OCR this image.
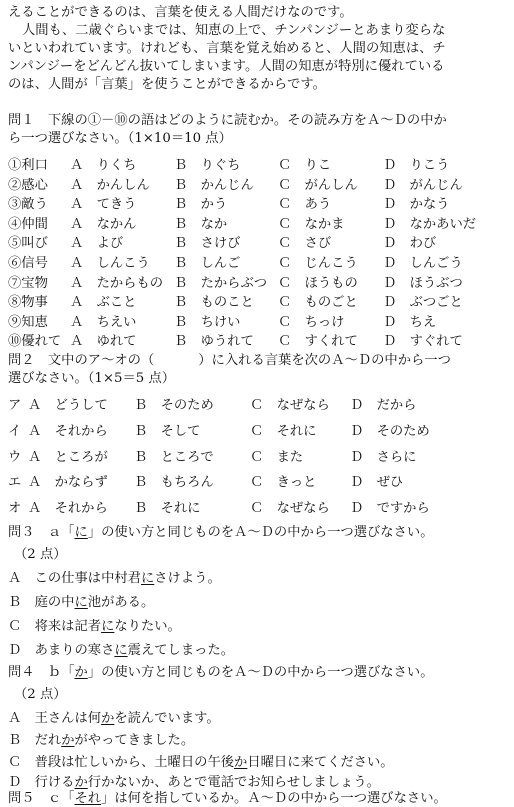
えることができるのは、言葉を使える人間だけなのです。
人間も、二歳ぐらいまでは、知恵の上で、チンパンジーとあまり変らな
いといわれています。けれども、言葉を覚え始めると、人間の知恵は、チ
ンパンジーをどんどん抜いてしまいます。人間の知恵が特別に優れている
のは、人間が「言葉」を使うことができるからです。
問１　下線の①－⑩の語はどのように読むか。その読み方をＡ～Ｄの中か
ら一つ選びなさい。（1×10＝10 点）
①利口 Ａ　りくち	Ｂ　りぐち	Ｃ　りこ	Ｄ　りこう
②感心 Ａ　かんしん Ｂ　かんじん Ｃ　がんしん Ｄ　がんじん
③敵う Ａ　てきう	Ｂ　かう	Ｃ　あう	Ｄ　かなう
④仲間 Ａ　なかん	Ｂ　なか	Ｃ　なかま	Ｄ　なかあいだ
⑤叫び Ａ　よび	Ｂ　さけび	Ｃ　さび	Ｄ　わび
⑥信号 Ａ　しんこう Ｂ　しんご	Ｃ　じんこう Ｄ　しんごう
⑦宝物 Ａ　たからもの Ｂ　たからぶつ Ｃ　ほうもの Ｄ　ほうぶつ
⑧物事 Ａ　ぶこと	Ｂ　ものこと Ｃ　ものごと Ｄ　ぶつごと
⑨知恵 Ａ　ちえい	Ｂ　ちけい	Ｃ　ちっけ	Ｄ　ちえ
⑩優れて Ａ　ゆれて	Ｂ　ゆうれて Ｃ　すくれて Ｄ　すぐれて
問２　文中のア～オの（	）に入れる言葉を次のＡ～Ｄの中から一つ
選びなさい。（1×5＝5 点）
ア Ａ　どうして Ｂ　そのため	Ｃ　なぜなら Ｄ　だから
イ Ａ　それから Ｂ　そして	Ｃ　それに	Ｄ　そのため
ウ Ａ　ところが Ｂ　ところで	Ｃ　また	Ｄ　さらに
エ Ａ　かならず Ｂ　もちろん	Ｃ　きっと	Ｄ　ぜひ
オ Ａ　それから Ｂ　それに	Ｃ　なぜなら Ｄ　ですから
問３　ａ「に」の使い方と同じものをＡ～Ｄの中から一つ選びなさい。
（2 点）
Ａ　この仕事は中村君にさけよう。
Ｂ　庭の中に池がある。
Ｃ　将来は記者になりたい。
Ｄ　あまりの寒さに震えてしまった。
問４　ｂ「か」の使い方と同じものをＡ～Ｄの中から一つ選びなさい。
（2 点）
Ａ　王さんは何かを読んでいます。
Ｂ　だれかがやってきました。
Ｃ　普段は忙しいから、土曜日の午後か日曜日に来てください。
Ｄ　行けるか行かないか、あとで電話でお知らせしましょう。
問５　ｃ「それ」は何を指しているか。Ａ～Ｄの中から一つ選びなさい。
